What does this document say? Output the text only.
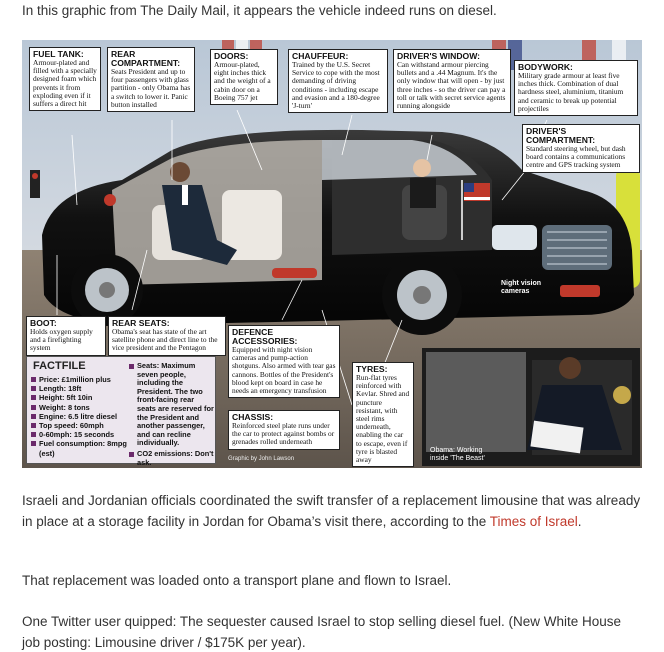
In this graphic from The Daily Mail, it appears the vehicle indeed runs on diesel.
FUEL TANK:
Armour-plated and filled with a specially designed foam which prevents it from exploding even if it suffers a direct hit
REAR COMPARTMENT:
Seats President and up to four passengers with glass partition - only Obama has a switch to lower it. Panic button installed
DOORS:
Armour-plated, eight inches thick and the weight of a cabin door on a Boeing 757 jet
CHAUFFEUR:
Trained by the U.S. Secret Service to cope with the most demanding of driving conditions - including escape and evasion and a 180-degree 'J-turn'
DRIVER'S WINDOW:
Can withstand armour piercing bullets and a .44 Magnum. It's the only window that will open - by just three inches - so the driver can pay a toll or talk with secret service agents running alongside
BODYWORK:
Military grade armour at least five inches thick. Combination of dual hardness steel, aluminium, titanium and ceramic to break up potential projectiles
DRIVER'S COMPARTMENT:
Standard steering wheel, but dash board contains a communications centre and GPS tracking system
BOOT:
Holds oxygen supply and a firefighting system
REAR SEATS:
Obama's seat has state of the art satellite phone and direct line to the vice president and the Pentagon
DEFENCE ACCESSORIES:
Equipped with night vision cameras and pump-action shotguns. Also armed with tear gas cannons. Bottles of the President's blood kept on board in case he needs an emergency transfusion
CHASSIS:
Reinforced steel plate runs under the car to protect against bombs or grenades rolled underneath
TYRES:
Run-flat tyres reinforced with Kevlar. Shred and puncture resistant, with steel rims underneath, enabling the car to escape, even if tyre is blasted away
Night vision cameras
Obama: Working inside 'The Beast'
Graphic by John Lawson
FACTFILE
Price: £1million plus
Length: 18ft
Height: 5ft 10in
Weight: 8 tons
Engine: 6.5 litre diesel
Top speed: 60mph
0-60mph: 15 seconds
Fuel consumption: 8mpg (est)
Seats: Maximum seven people, including the President. The two front-facing rear seats are reserved for the President and another passenger, and can recline individually.
CO2 emissions: Don't ask.

Israeli and Jordanian officials coordinated the swift transfer of a replacement limousine that was already in place at a storage facility in Jordan for Obama’s visit there, according to the Times of Israel.

That replacement was loaded onto a transport plane and flown to Israel.

One Twitter user quipped: The sequester caused Israel to stop selling diesel fuel. (New White House job posting: Limousine driver / $175K per year).
